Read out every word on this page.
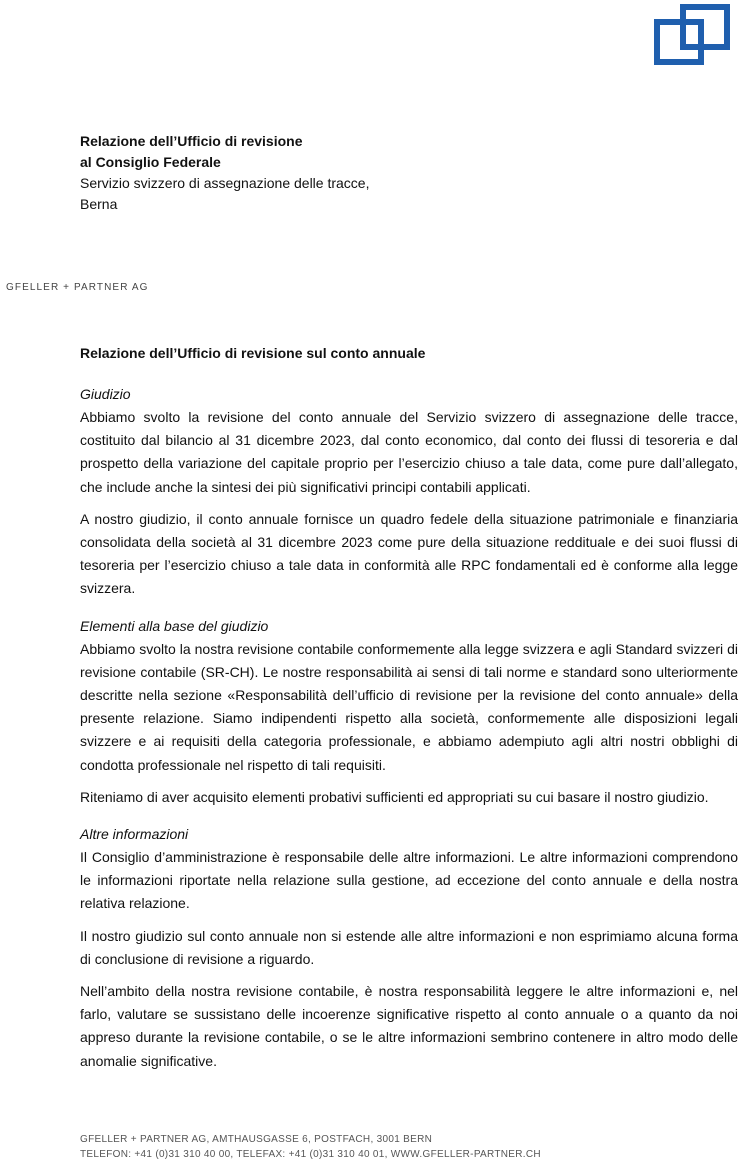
Relazione dell’Ufficio di revisione
al Consiglio Federale
Servizio svizzero di assegnazione delle tracce,
Berna
GFELLER + PARTNER AG
Relazione dell’Ufficio di revisione sul conto annuale
Giudizio

Abbiamo svolto la revisione del conto annuale del Servizio svizzero di assegnazione delle tracce, costituito dal bilancio al 31 dicembre 2023, dal conto economico, dal conto dei flussi di tesoreria e dal prospetto della variazione del capitale proprio per l’esercizio chiuso a tale data, come pure dall’allegato, che include anche la sintesi dei più significativi principi contabili applicati.

A nostro giudizio, il conto annuale fornisce un quadro fedele della situazione patrimoniale e finanziaria consolidata della società al 31 dicembre 2023 come pure della situazione reddituale e dei suoi flussi di tesoreria per l’esercizio chiuso a tale data in conformità alle RPC fondamentali ed è conforme alla legge svizzera.

Elementi alla base del giudizio

Abbiamo svolto la nostra revisione contabile conformemente alla legge svizzera e agli Standard svizzeri di revisione contabile (SR-CH). Le nostre responsabilità ai sensi di tali norme e standard sono ulteriormente descritte nella sezione «Responsabilità dell’ufficio di revisione per la revisione del conto annuale» della presente relazione. Siamo indipendenti rispetto alla società, conformemente alle disposizioni legali svizzere e ai requisiti della categoria professionale, e abbiamo adempiuto agli altri nostri obblighi di condotta professionale nel rispetto di tali requisiti.

Riteniamo di aver acquisito elementi probativi sufficienti ed appropriati su cui basare il nostro giudizio.

Altre informazioni

Il Consiglio d’amministrazione è responsabile delle altre informazioni. Le altre informazioni comprendono le informazioni riportate nella relazione sulla gestione, ad eccezione del conto annuale e della nostra relativa relazione.

Il nostro giudizio sul conto annuale non si estende alle altre informazioni e non esprimiamo alcuna forma di conclusione di revisione a riguardo.

Nell’ambito della nostra revisione contabile, è nostra responsabilità leggere le altre informazioni e, nel farlo, valutare se sussistano delle incoerenze significative rispetto al conto annuale o a quanto da noi appreso durante la revisione contabile, o se le altre informazioni sembrino contenere in altro modo delle anomalie significative.

GFELLER + PARTNER AG, AMTHAUSGASSE 6, POSTFACH, 3001 BERN
TELEFON: +41 (0)31 310 40 00, TELEFAX: +41 (0)31 310 40 01, WWW.GFELLER-PARTNER.CH
